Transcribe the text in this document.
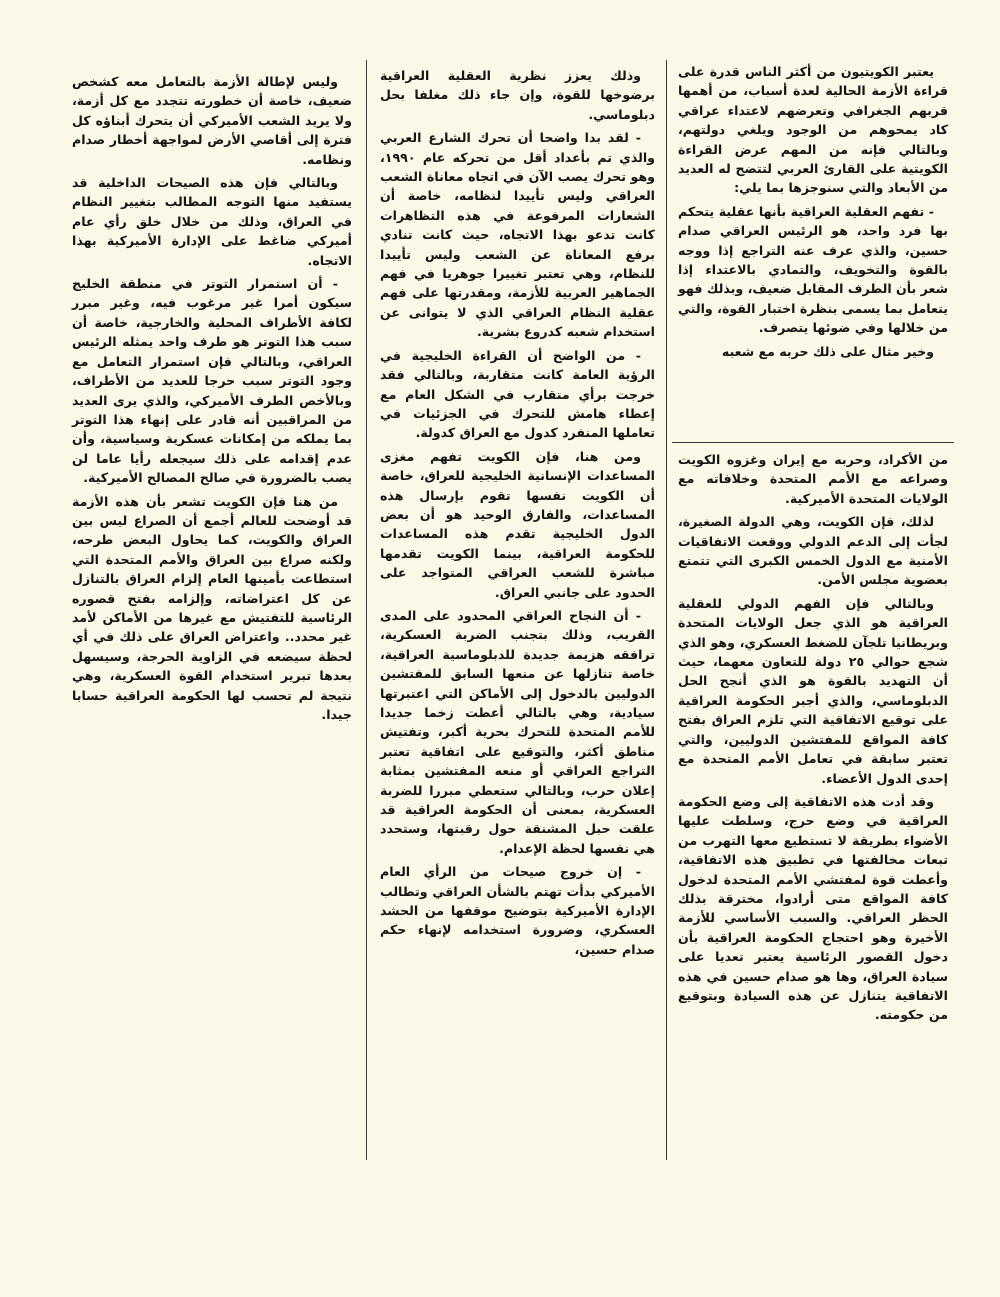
يعتبر الكويتيون من أكثر الناس قدرة على قراءة الأزمة الحالية لعدة أسباب، من أهمها قربهم الجغرافي وتعرضهم لاعتداء عراقي كاد يمحوهم من الوجود ويلغي دولتهم، وبالتالي فإنه من المهم عرض القراءة الكويتية على القارئ العربي لتتضح له العديد من الأبعاد والتي سنوجزها بما يلي:

- تفهم العقلية العراقية بأنها عقلية يتحكم بها فرد واحد، هو الرئيس العراقي صدام حسين، والذي عرف عنه التراجع إذا ووجه بالقوة والتخويف، والتمادي بالاعتداء إذا شعر بأن الطرف المقابل ضعيف، وبذلك فهو يتعامل بما يسمى بنظرة اختبار القوة، والتي من خلالها وفي ضوئها يتصرف.

وخير مثال على ذلك حربه مع شعبه

من الأكراد، وحربه مع إيران وغزوه الكويت وصراعه مع الأمم المتحدة وخلافاته مع الولايات المتحدة الأميركية.

لذلك، فإن الكويت، وهي الدولة الصغيرة، لجأت إلى الدعم الدولي ووقعت الاتفاقيات الأمنية مع الدول الخمس الكبرى التي تتمتع بعضوية مجلس الأمن.

وبالتالي فإن الفهم الدولي للعقلية العراقية هو الذي جعل الولايات المتحدة وبريطانيا تلجآن للضغط العسكري، وهو الذي شجع حوالي ٢٥ دولة للتعاون معهما، حيث أن التهديد بالقوة هو الذي أنجح الحل الدبلوماسي، والذي أجبر الحكومة العراقية على توقيع الاتفاقية التي تلزم العراق بفتح كافة المواقع للمفتشين الدوليين، والتي تعتبر سابقة في تعامل الأمم المتحدة مع إحدى الدول الأعضاء.

وقد أدت هذه الاتفاقية إلى وضع الحكومة العراقية في وضع حرج، وسلطت عليها الأضواء بطريقة لا تستطيع معها التهرب من تبعات مخالفتها في تطبيق هذه الاتفاقية، وأعطت قوة لمفتشي الأمم المتحدة لدخول كافة المواقع متى أرادوا، مخترقة بذلك الحظر العراقي. والسبب الأساسي للأزمة الأخيرة وهو احتجاج الحكومة العراقية بأن دخول القصور الرئاسية يعتبر تعديا على سيادة العراق، وها هو صدام حسين في هذه الاتفاقية يتنازل عن هذه السيادة وبتوقيع من حكومته.

وذلك يعزز نظرية العقلية العراقية برضوخها للقوة، وإن جاء ذلك مغلفا بحل دبلوماسي.

- لقد بدا واضحا أن تحرك الشارع العربي والذي تم بأعداد أقل من تحركه عام ١٩٩٠، وهو تحرك يصب الآن في اتجاه معاناة الشعب العراقي وليس تأييدا لنظامه، خاصة أن الشعارات المرفوعة في هذه التظاهرات كانت تدعو بهذا الاتجاه، حيث كانت تنادي برفع المعاناة عن الشعب وليس تأييدا للنظام، وهي تعتبر تغييرا جوهريا في فهم الجماهير العربية للأزمة، ومقدرتها على فهم عقلية النظام العراقي الذي لا يتوانى عن استخدام شعبه كدروع بشرية.

- من الواضح أن القراءة الخليجية في الرؤية العامة كانت متقاربة، وبالتالي فقد خرجت برأي متقارب في الشكل العام مع إعطاء هامش للتحرك في الجزئيات في تعاملها المنفرد كدول مع العراق كدولة.

ومن هنا، فإن الكويت تفهم مغزى المساعدات الإنسانية الخليجية للعراق، خاصة أن الكويت نفسها تقوم بإرسال هذه المساعدات، والفارق الوحيد هو أن بعض الدول الخليجية تقدم هذه المساعدات للحكومة العراقية، بينما الكويت تقدمها مباشرة للشعب العراقي المتواجد على الحدود على جانبي العراق.

- أن النجاح العراقي المحدود على المدى القريب، وذلك بتجنب الضربة العسكرية، ترافقه هزيمة جديدة للدبلوماسية العراقية، خاصة تنازلها عن منعها السابق للمفتشين الدوليين بالدخول إلى الأماكن التي اعتبرتها سيادية، وهي بالتالي أعطت زخما جديدا للأمم المتحدة للتحرك بحرية أكبر، وتفتيش مناطق أكثر، والتوقيع على اتفاقية تعتبر التراجع العراقي أو منعه المفتشين بمثابة إعلان حرب، وبالتالي ستعطي مبررا للضربة العسكرية، بمعنى أن الحكومة العراقية قد علقت حبل المشنقة حول رقبتها، وستحدد هي نفسها لحظة الإعدام.

- إن خروج صيحات من الرأي العام الأميركي بدأت تهتم بالشأن العراقي وتطالب الإدارة الأميركية بتوضيح موقفها من الحشد العسكري، وضرورة استخدامه لإنهاء حكم صدام حسين،

وليس لإطالة الأزمة بالتعامل معه كشخص ضعيف، خاصة أن خطورته تتجدد مع كل أزمة، ولا يريد الشعب الأميركي أن يتحرك أبناؤه كل فترة إلى أقاصي الأرض لمواجهة أخطار صدام ونظامه.

وبالتالي فإن هذه الصيحات الداخلية قد يستفيد منها التوجه المطالب بتغيير النظام في العراق، وذلك من خلال خلق رأي عام أميركي ضاغط على الإدارة الأميركية بهذا الاتجاه.

- أن استمرار التوتر في منطقة الخليج سيكون أمرا غير مرغوب فيه، وغير مبرر لكافة الأطراف المحلية والخارجية، خاصة أن سبب هذا التوتر هو طرف واحد يمثله الرئيس العراقي، وبالتالي فإن استمرار التعامل مع وجود التوتر سبب حرجا للعديد من الأطراف، وبالأخص الطرف الأميركي، والذي يرى العديد من المراقبين أنه قادر على إنهاء هذا التوتر بما يملكه من إمكانات عسكرية وسياسية، وأن عدم إقدامه على ذلك سيجعله رأيا عاما لن يصب بالضرورة في صالح المصالح الأميركية.

من هنا فإن الكويت تشعر بأن هذه الأزمة قد أوضحت للعالم أجمع أن الصراع ليس بين العراق والكويت، كما يحاول البعض طرحه، ولكنه صراع بين العراق والأمم المتحدة التي استطاعت بأمينها العام إلزام العراق بالتنازل عن كل اعتراضاته، وإلزامه بفتح قصوره الرئاسية للتفتيش مع غيرها من الأماكن لأمد غير محدد.. واعتراض العراق على ذلك في أي لحظة سيضعه في الزاوية الحرجة، وسيسهل بعدها تبرير استخدام القوة العسكرية، وهي نتيجة لم تحسب لها الحكومة العراقية حسابا جيدا.
